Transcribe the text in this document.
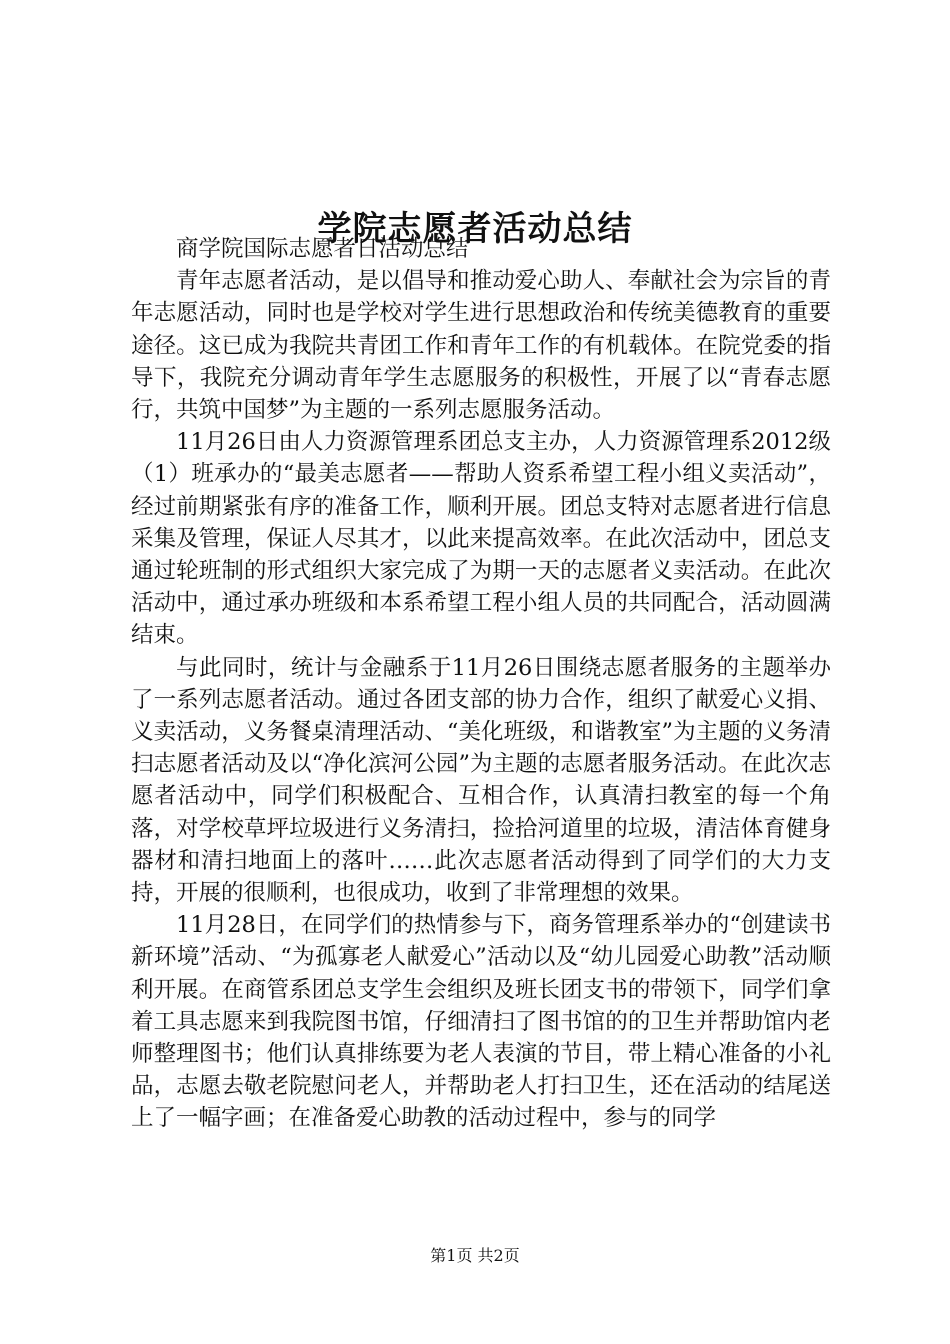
学院志愿者活动总结

商学院国际志愿者日活动总结

青年志愿者活动，是以倡导和推动爱心助人、奉献社会为宗旨的青年志愿活动，同时也是学校对学生进行思想政治和传统美德教育的重要途径。这已成为我院共青团工作和青年工作的有机载体。在院党委的指导下，我院充分调动青年学生志愿服务的积极性，开展了以“青春志愿行，共筑中国梦”为主题的一系列志愿服务活动。

11月26日由人力资源管理系团总支主办，人力资源管理系2012级（1）班承办的“最美志愿者——帮助人资系希望工程小组义卖活动”，经过前期紧张有序的准备工作，顺利开展。团总支特对志愿者进行信息采集及管理，保证人尽其才，以此来提高效率。在此次活动中，团总支通过轮班制的形式组织大家完成了为期一天的志愿者义卖活动。在此次活动中，通过承办班级和本系希望工程小组人员的共同配合，活动圆满结束。

与此同时，统计与金融系于11月26日围绕志愿者服务的主题举办了一系列志愿者活动。通过各团支部的协力合作，组织了献爱心义捐、义卖活动，义务餐桌清理活动、“美化班级，和谐教室”为主题的义务清扫志愿者活动及以“净化滨河公园”为主题的志愿者服务活动。在此次志愿者活动中，同学们积极配合、互相合作，认真清扫教室的每一个角落，对学校草坪垃圾进行义务清扫，捡拾河道里的垃圾，清洁体育健身器材和清扫地面上的落叶……此次志愿者活动得到了同学们的大力支持，开展的很顺利，也很成功，收到了非常理想的效果。

11月28日，在同学们的热情参与下，商务管理系举办的“创建读书新环境”活动、“为孤寡老人献爱心”活动以及“幼儿园爱心助教”活动顺利开展。在商管系团总支学生会组织及班长团支书的带领下，同学们拿着工具志愿来到我院图书馆，仔细清扫了图书馆的的卫生并帮助馆内老师整理图书；他们认真排练要为老人表演的节目，带上精心准备的小礼品，志愿去敬老院慰问老人，并帮助老人打扫卫生，还在活动的结尾送上了一幅字画；在准备爱心助教的活动过程中，参与的同学

第1页 共2页
